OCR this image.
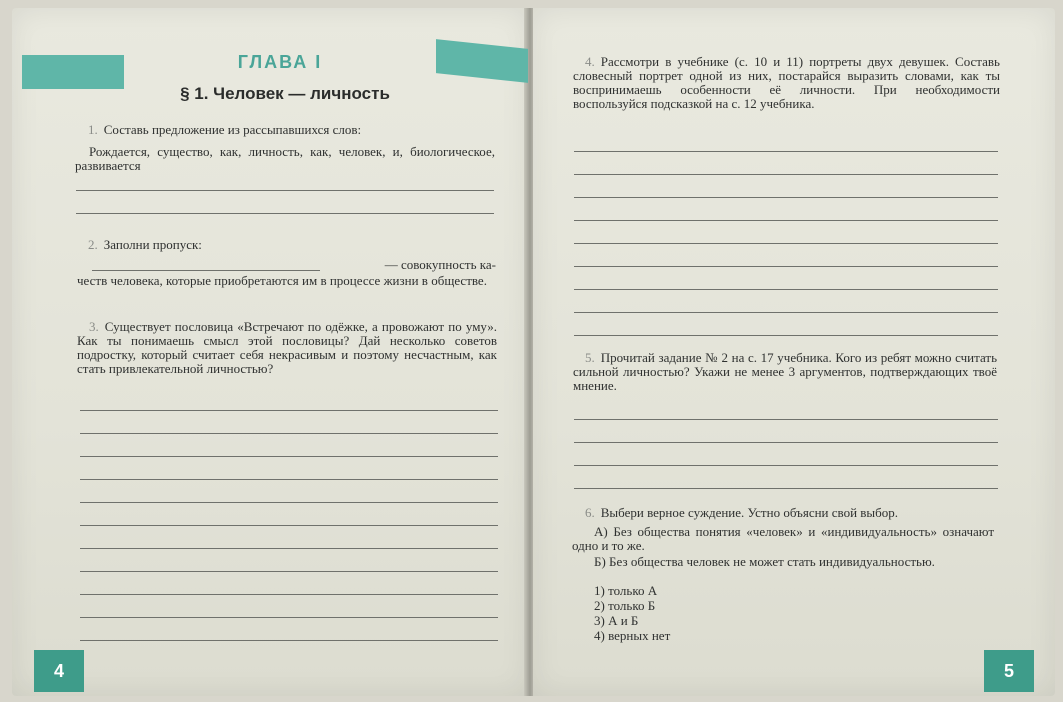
ГЛАВА I
§ 1. Человек — личность
1. Составь предложение из рассыпавшихся слов:
Рождается, существо, как, личность, как, человек, и, биологическое, развивается
2. Заполни пропуск:
— совокупность ка-
честв человека, которые приобретаются им в процессе жизни в обществе.
3. Существует пословица «Встречают по одёжке, а провожают по уму». Как ты понимаешь смысл этой пословицы? Дай несколько советов подростку, который считает себя некрасивым и поэтому несчастным, как стать привлекательной личностью?
4
4. Рассмотри в учебнике (с. 10 и 11) портреты двух девушек. Составь словесный портрет одной из них, постарайся выразить словами, как ты воспринимаешь особенности её личности. При необходимости воспользуйся подсказкой на с. 12 учебника.
5. Прочитай задание № 2 на с. 17 учебника. Кого из ребят можно считать сильной личностью? Укажи не менее 3 аргументов, подтверждающих твоё мнение.
6. Выбери верное суждение. Устно объясни свой выбор.
А) Без общества понятия «человек» и «индивидуальность» означают одно и то же.
Б) Без общества человек не может стать индивидуальностью.
1) только А
2) только Б
3) А и Б
4) верных нет
5
